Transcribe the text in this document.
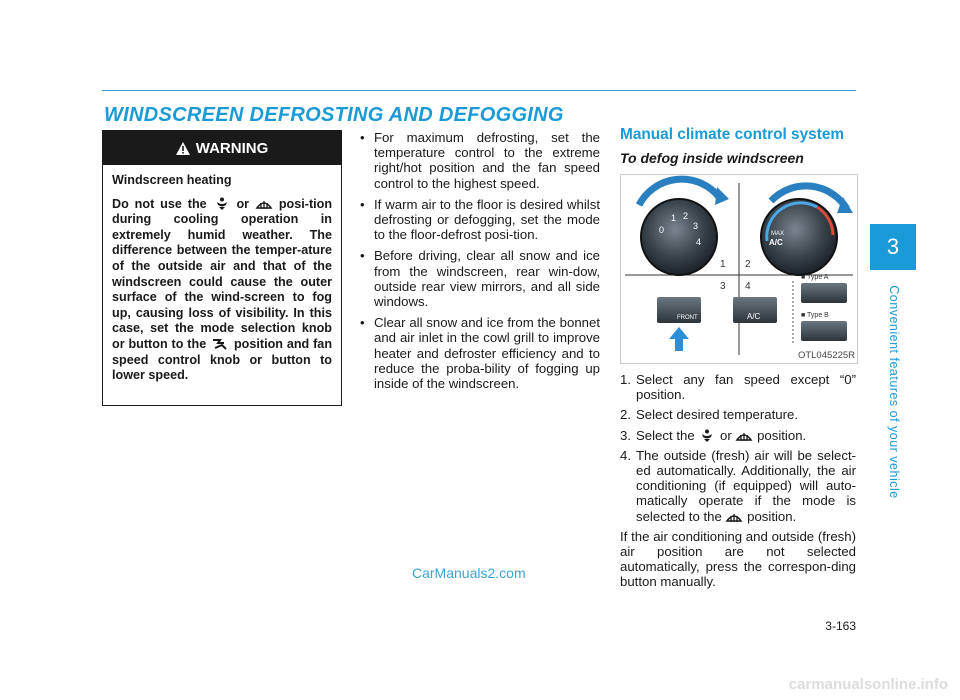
WINDSCREEN DEFROSTING AND DEFOGGING
3
Convenient features of your vehicle
WARNING

Windscreen heating

Do not use the or posi-tion during cooling operation in extremely humid weather. The difference between the temper-ature of the outside air and that of the windscreen could cause the outer surface of the wind-screen to fog up, causing loss of visibility. In this case, set the mode selection knob or button to the position and fan speed control knob or button to lower speed.

• For maximum defrosting, set the temperature control to the extreme right/hot position and the fan speed control to the highest speed.
• If warm air to the floor is desired whilst defrosting or defogging, set the mode to the floor-defrost posi-tion.
• Before driving, clear all snow and ice from the windscreen, rear win-dow, outside rear view mirrors, and all side windows.
• Clear all snow and ice from the bonnet and air inlet in the cowl grill to improve heater and defroster efficiency and to reduce the proba-bility of fogging up inside of the windscreen.
Manual climate control system
To defog inside windscreen
0
1 2
3
4
MAX
A/C
1 2
3 4
■ Type A
■ Type B
FRONT	A/C
OTL045225R
1. Select any fan speed except “0” position.
2. Select desired temperature.
3. Select the or position.
4. The outside (fresh) air will be select-ed automatically. Additionally, the air conditioning (if equipped) will auto-matically operate if the mode is selected to the position.

If the air conditioning and outside (fresh) air position are not selected automatically, press the correspon-ding button manually.

3-163
CarManuals2.com
carmanualsonline.info
